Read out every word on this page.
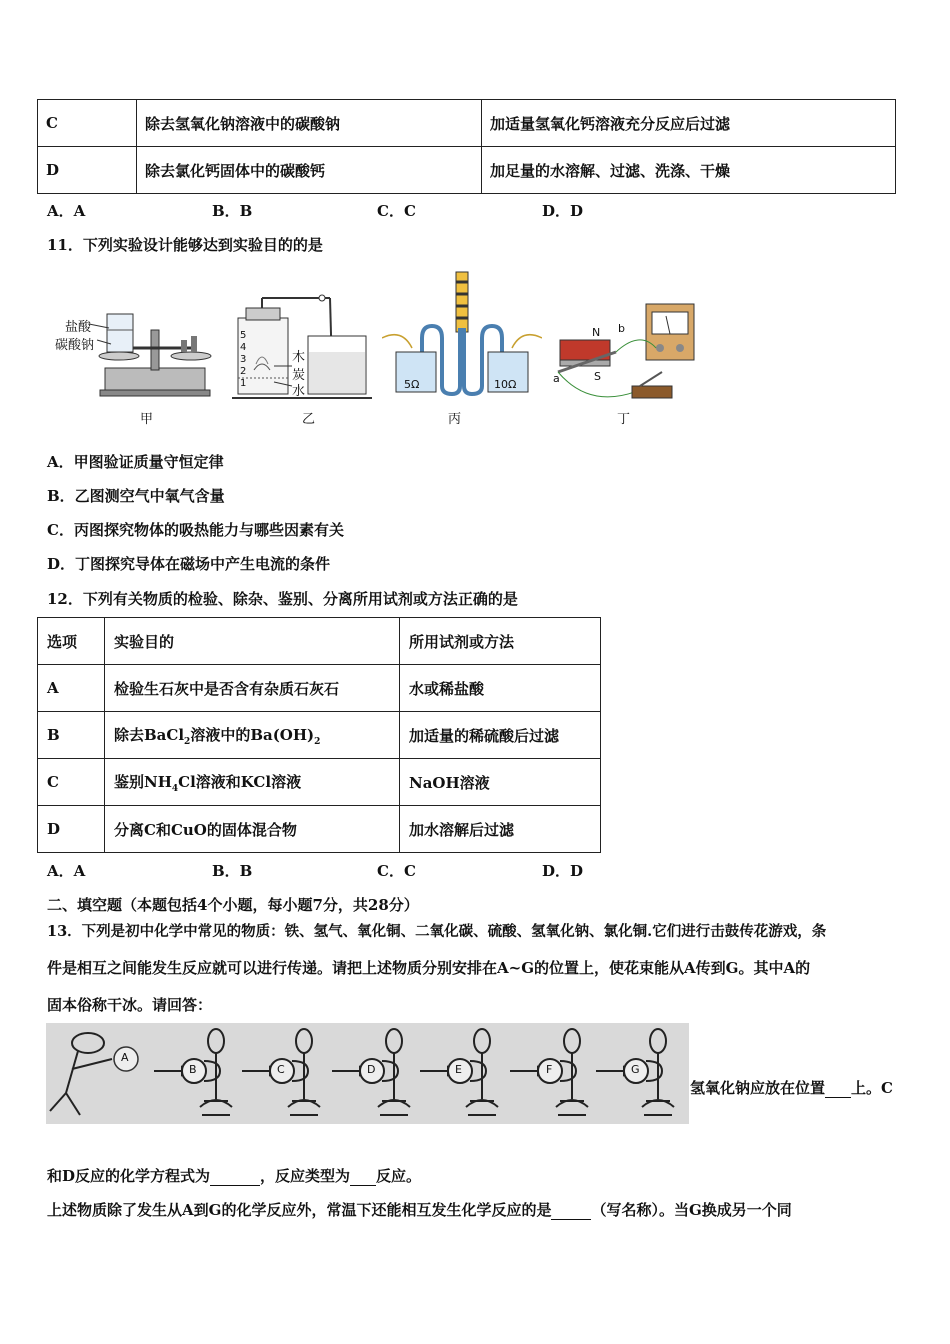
C	除去氢氧化钠溶液中的碳酸钠	加适量氢氧化钙溶液充分反应后过滤
D	除去氯化钙固体中的碳酸钙	加足量的水溶解、过滤、洗涤、干燥
A．A	B．B	C．C	D．D
11．下列实验设计能够达到实验目的的是
盐酸
碳酸钠
甲
5
4
3
2
1
木
炭
水
乙
5Ω	10Ω
丙
N b
a	S
丁
A．甲图验证质量守恒定律
B．乙图测空气中氧气含量
C．丙图探究物体的吸热能力与哪些因素有关
D．丁图探究导体在磁场中产生电流的条件
12．下列有关物质的检验、除杂、鉴别、分离所用试剂或方法正确的是
选项	实验目的	所用试剂或方法
A	检验生石灰中是否含有杂质石灰石	水或稀盐酸
B	除去BaCl$_2$溶液中的$Ba(OH)_2$	加适量的稀硫酸后过滤
C	鉴别$NH_4Cl$溶液和KCl溶液	NaOH溶液
D	分离C和CuO的固体混合物	加水溶解后过滤
A．A	B．B	C．C	D．D
二、填空题（本题包括4个小题，每小题7分，共28分）
13．下列是初中化学中常见的物质：铁、氢气、氧化铜、二氧化碳、硫酸、氢氧化钠、氯化铜.它们进行击鼓传花游戏，条
件是相互之间能发生反应就可以进行传递。请把上述物质分别安排在A~G的位置上，使花束能从A传到G。其中A的
固本俗称干冰。请回答：
A
B	C	D	E	F	G
氢氧化钠应放在位置 上。C
和D反应的化学方程式为	，反应类型为 反应。
上述物质除了发生从A到G的化学反应外，常温下还能相互发生化学反应的是	（写名称）。当G换成另一个同
